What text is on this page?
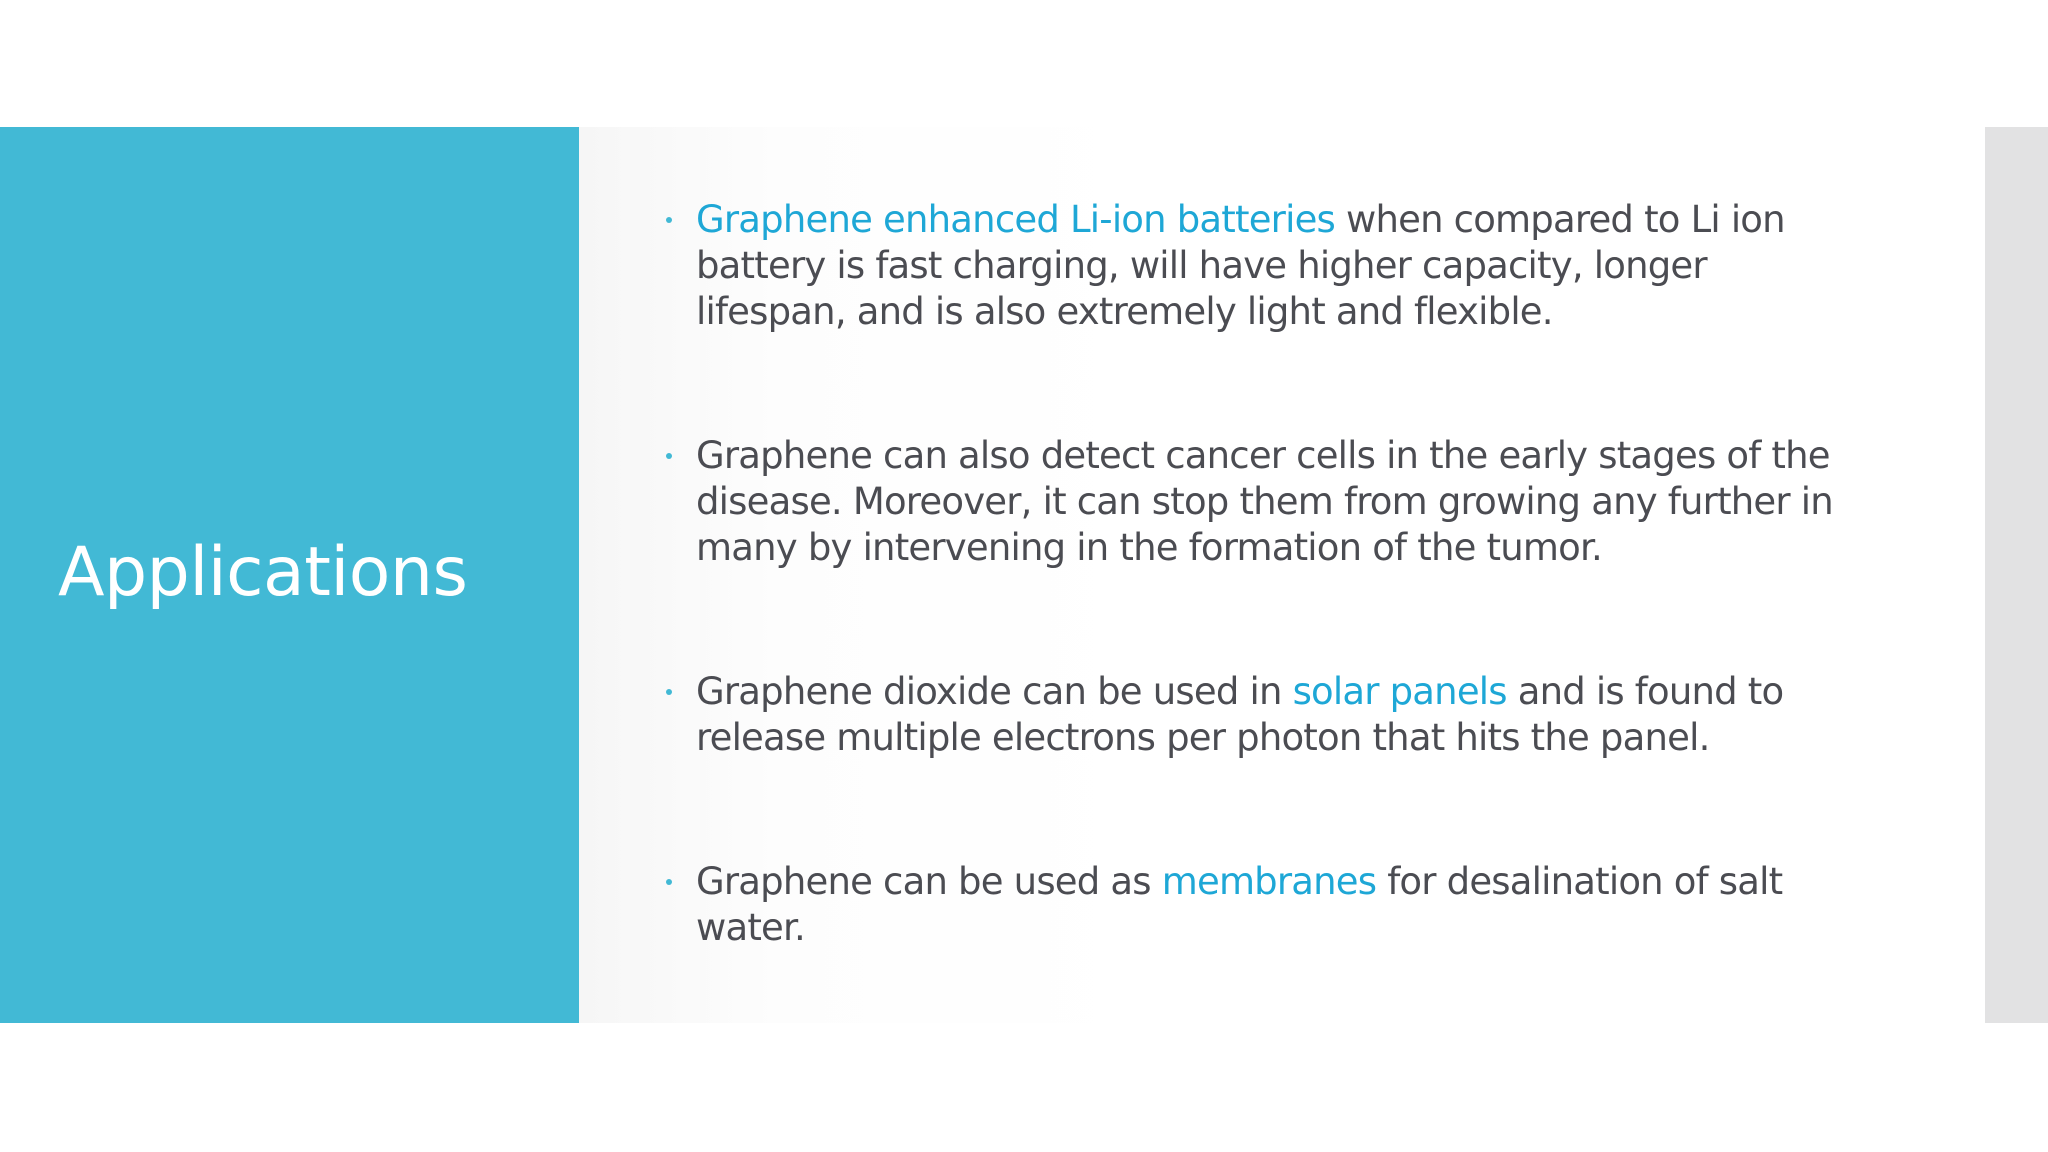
Applications
Graphene enhanced Li-ion batteries when compared to Li ion battery is fast charging, will have higher capacity, longer lifespan, and is also extremely light and flexible.
Graphene can also detect cancer cells in the early stages of the disease. Moreover, it can stop them from growing any further in many by intervening in the formation of the tumor.
Graphene dioxide can be used in solar panels and is found to release multiple electrons per photon that hits the panel.
Graphene can be used as membranes for desalination of salt water.
